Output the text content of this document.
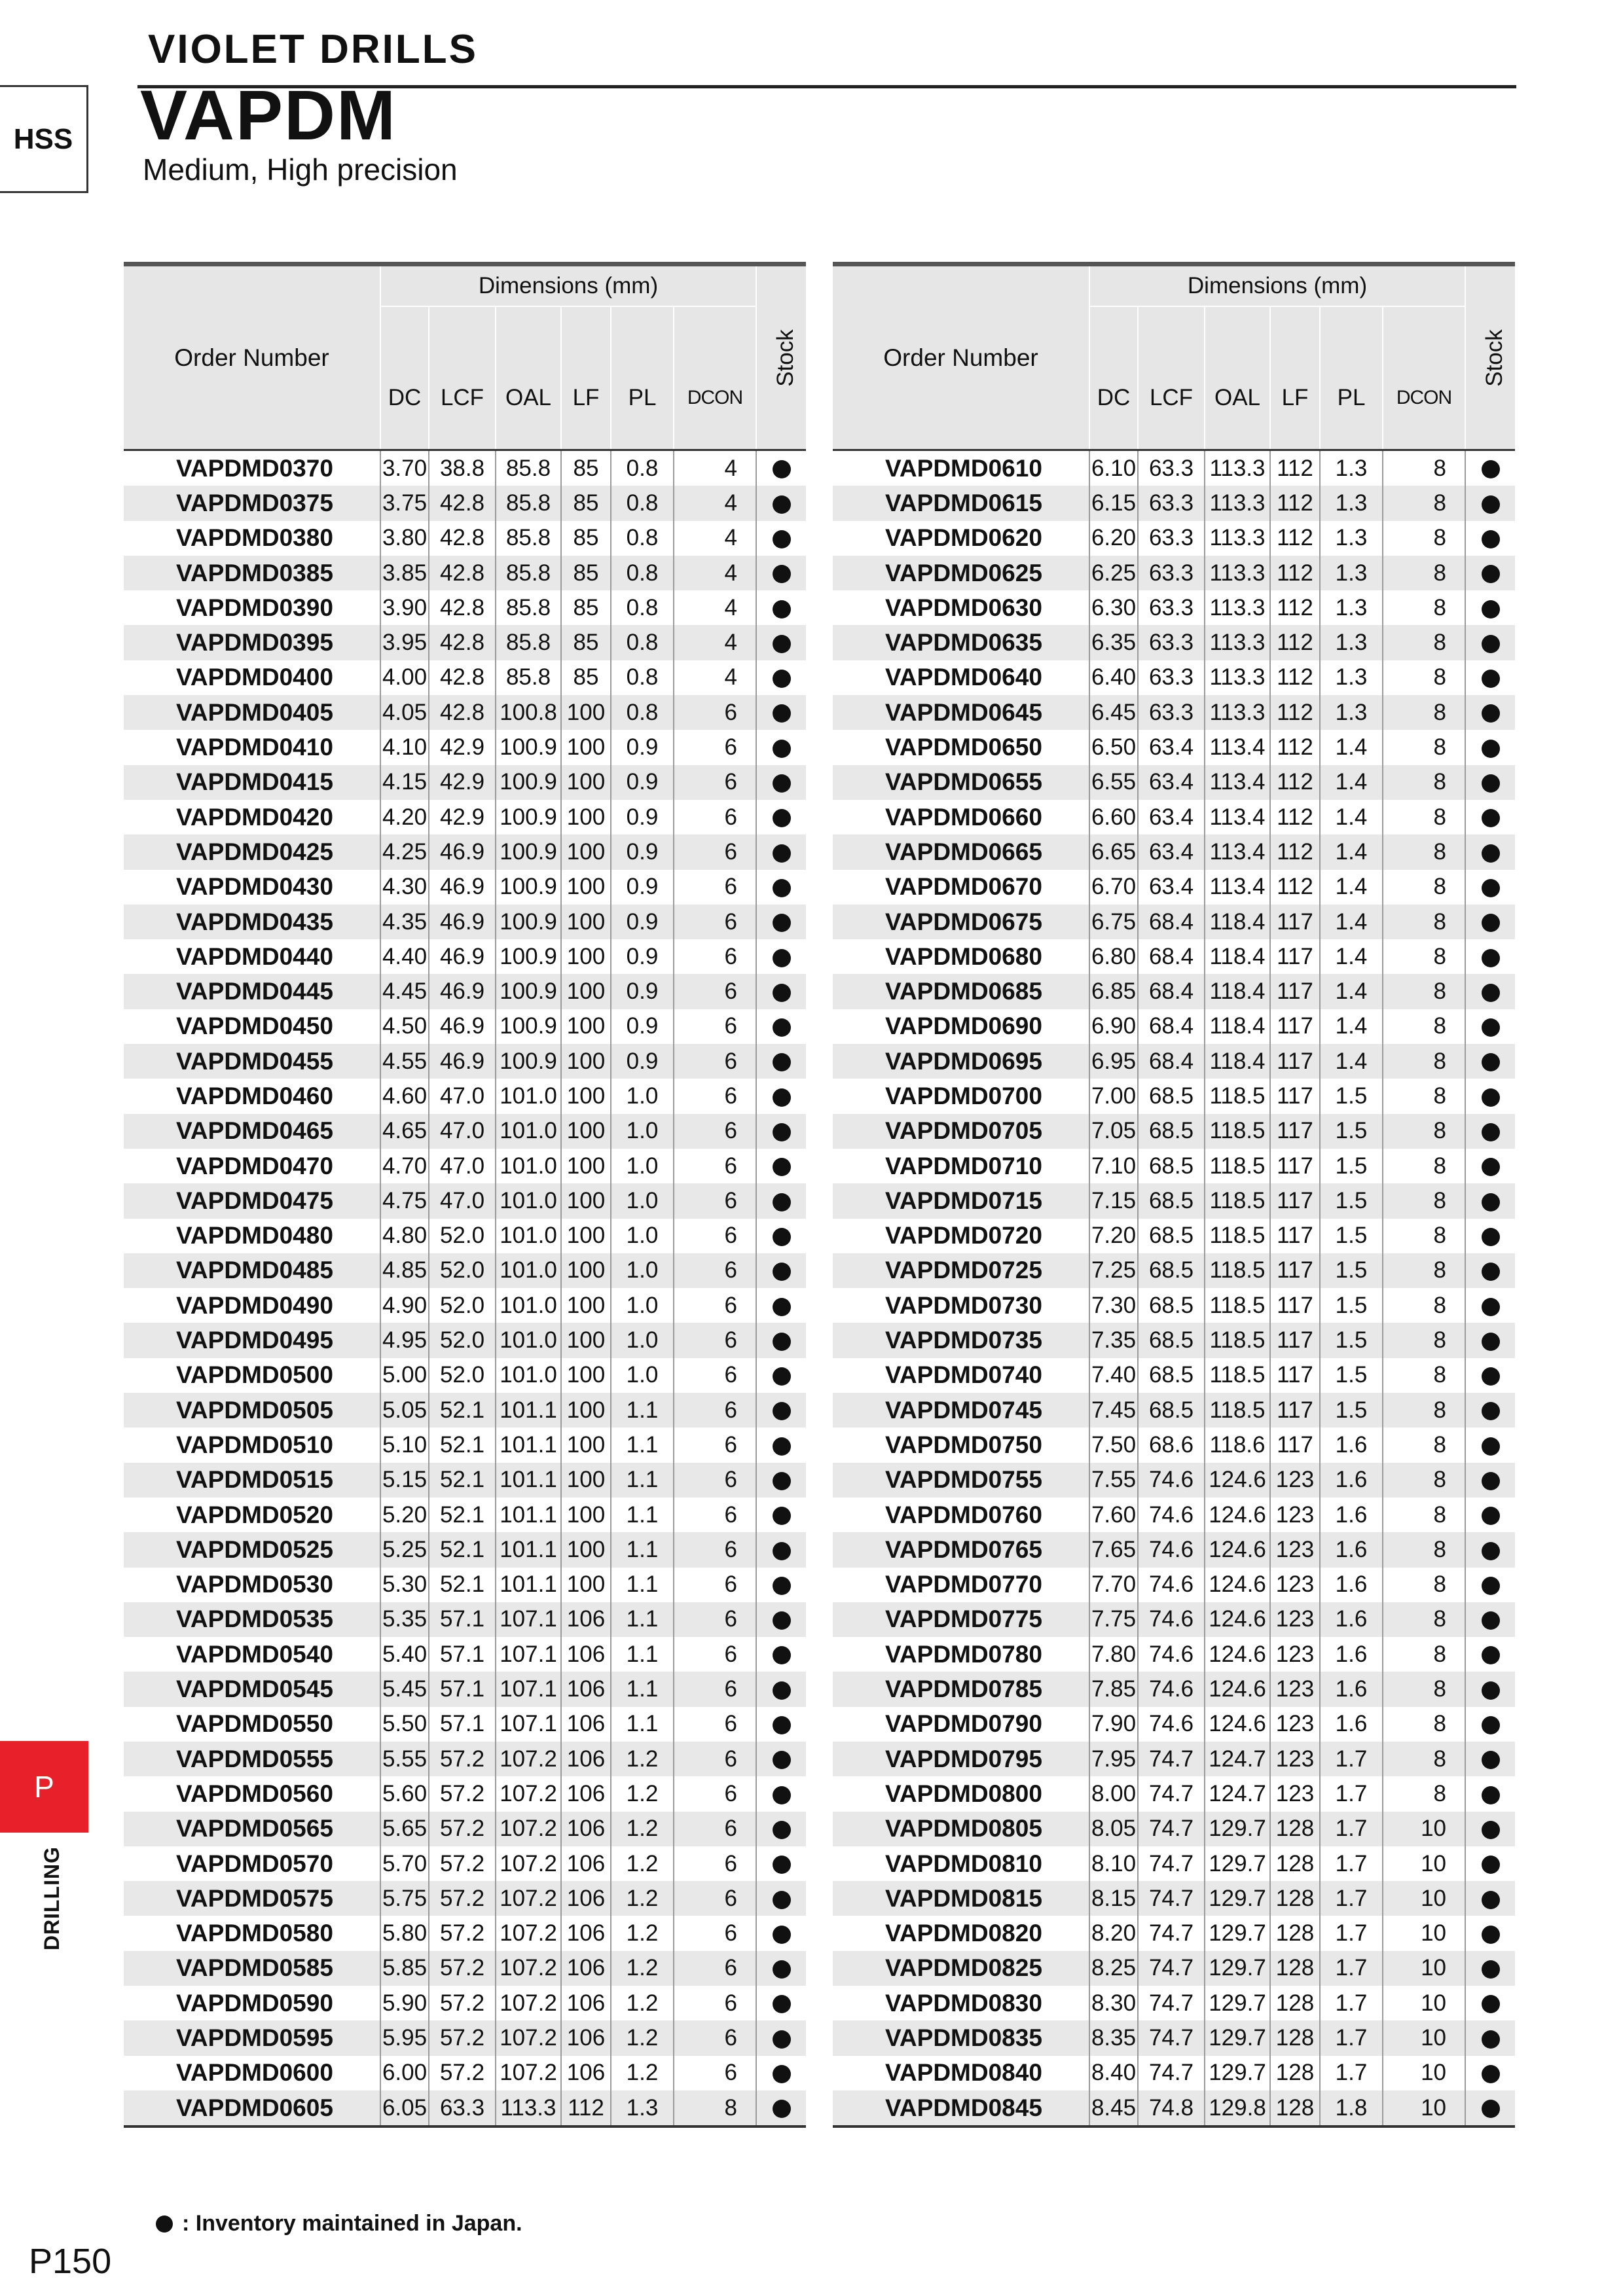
VIOLET DRILLS
HSS VAPDM
Medium, High precision
Order Number	Dimensions (mm)						Stock
	DC	LCF	OAL	LF	PL	DCON	
VAPDMD0370	3.70	38.8	85.8	85	0.8	4	
VAPDMD0375	3.75	42.8	85.8	85	0.8	4	
VAPDMD0380	3.80	42.8	85.8	85	0.8	4	
VAPDMD0385	3.85	42.8	85.8	85	0.8	4	
VAPDMD0390	3.90	42.8	85.8	85	0.8	4	
VAPDMD0395	3.95	42.8	85.8	85	0.8	4	
VAPDMD0400	4.00	42.8	85.8	85	0.8	4	
VAPDMD0405	4.05	42.8	100.8	100	0.8	6	
VAPDMD0410	4.10	42.9	100.9	100	0.9	6	
VAPDMD0415	4.15	42.9	100.9	100	0.9	6	
VAPDMD0420	4.20	42.9	100.9	100	0.9	6	
VAPDMD0425	4.25	46.9	100.9	100	0.9	6	
VAPDMD0430	4.30	46.9	100.9	100	0.9	6	
VAPDMD0435	4.35	46.9	100.9	100	0.9	6	
VAPDMD0440	4.40	46.9	100.9	100	0.9	6	
VAPDMD0445	4.45	46.9	100.9	100	0.9	6	
VAPDMD0450	4.50	46.9	100.9	100	0.9	6	
VAPDMD0455	4.55	46.9	100.9	100	0.9	6	
VAPDMD0460	4.60	47.0	101.0	100	1.0	6	
VAPDMD0465	4.65	47.0	101.0	100	1.0	6	
VAPDMD0470	4.70	47.0	101.0	100	1.0	6	
VAPDMD0475	4.75	47.0	101.0	100	1.0	6	
VAPDMD0480	4.80	52.0	101.0	100	1.0	6	
VAPDMD0485	4.85	52.0	101.0	100	1.0	6	
VAPDMD0490	4.90	52.0	101.0	100	1.0	6	
VAPDMD0495	4.95	52.0	101.0	100	1.0	6	
VAPDMD0500	5.00	52.0	101.0	100	1.0	6	
VAPDMD0505	5.05	52.1	101.1	100	1.1	6	
VAPDMD0510	5.10	52.1	101.1	100	1.1	6	
VAPDMD0515	5.15	52.1	101.1	100	1.1	6	
VAPDMD0520	5.20	52.1	101.1	100	1.1	6	
VAPDMD0525	5.25	52.1	101.1	100	1.1	6	
VAPDMD0530	5.30	52.1	101.1	100	1.1	6	
VAPDMD0535	5.35	57.1	107.1	106	1.1	6	
VAPDMD0540	5.40	57.1	107.1	106	1.1	6	
VAPDMD0545	5.45	57.1	107.1	106	1.1	6	
VAPDMD0550	5.50	57.1	107.1	106	1.1	6	
VAPDMD0555	5.55	57.2	107.2	106	1.2	6	
VAPDMD0560	5.60	57.2	107.2	106	1.2	6	
VAPDMD0565	5.65	57.2	107.2	106	1.2	6	
VAPDMD0570	5.70	57.2	107.2	106	1.2	6	
VAPDMD0575	5.75	57.2	107.2	106	1.2	6	
VAPDMD0580	5.80	57.2	107.2	106	1.2	6	
VAPDMD0585	5.85	57.2	107.2	106	1.2	6	
VAPDMD0590	5.90	57.2	107.2	106	1.2	6	
VAPDMD0595	5.95	57.2	107.2	106	1.2	6	
VAPDMD0600	6.00	57.2	107.2	106	1.2	6	
VAPDMD0605	6.05	63.3	113.3	112	1.3	8	
Order Number	Dimensions (mm)						Stock
	DC	LCF	OAL	LF	PL	DCON	
VAPDMD0610	6.10	63.3	113.3	112	1.3	8	
VAPDMD0615	6.15	63.3	113.3	112	1.3	8	
VAPDMD0620	6.20	63.3	113.3	112	1.3	8	
VAPDMD0625	6.25	63.3	113.3	112	1.3	8	
VAPDMD0630	6.30	63.3	113.3	112	1.3	8	
VAPDMD0635	6.35	63.3	113.3	112	1.3	8	
VAPDMD0640	6.40	63.3	113.3	112	1.3	8	
VAPDMD0645	6.45	63.3	113.3	112	1.3	8	
VAPDMD0650	6.50	63.4	113.4	112	1.4	8	
VAPDMD0655	6.55	63.4	113.4	112	1.4	8	
VAPDMD0660	6.60	63.4	113.4	112	1.4	8	
VAPDMD0665	6.65	63.4	113.4	112	1.4	8	
VAPDMD0670	6.70	63.4	113.4	112	1.4	8	
VAPDMD0675	6.75	68.4	118.4	117	1.4	8	
VAPDMD0680	6.80	68.4	118.4	117	1.4	8	
VAPDMD0685	6.85	68.4	118.4	117	1.4	8	
VAPDMD0690	6.90	68.4	118.4	117	1.4	8	
VAPDMD0695	6.95	68.4	118.4	117	1.4	8	
VAPDMD0700	7.00	68.5	118.5	117	1.5	8	
VAPDMD0705	7.05	68.5	118.5	117	1.5	8	
VAPDMD0710	7.10	68.5	118.5	117	1.5	8	
VAPDMD0715	7.15	68.5	118.5	117	1.5	8	
VAPDMD0720	7.20	68.5	118.5	117	1.5	8	
VAPDMD0725	7.25	68.5	118.5	117	1.5	8	
VAPDMD0730	7.30	68.5	118.5	117	1.5	8	
VAPDMD0735	7.35	68.5	118.5	117	1.5	8	
VAPDMD0740	7.40	68.5	118.5	117	1.5	8	
VAPDMD0745	7.45	68.5	118.5	117	1.5	8	
VAPDMD0750	7.50	68.6	118.6	117	1.6	8	
VAPDMD0755	7.55	74.6	124.6	123	1.6	8	
VAPDMD0760	7.60	74.6	124.6	123	1.6	8	
VAPDMD0765	7.65	74.6	124.6	123	1.6	8	
VAPDMD0770	7.70	74.6	124.6	123	1.6	8	
VAPDMD0775	7.75	74.6	124.6	123	1.6	8	
VAPDMD0780	7.80	74.6	124.6	123	1.6	8	
VAPDMD0785	7.85	74.6	124.6	123	1.6	8	
VAPDMD0790	7.90	74.6	124.6	123	1.6	8	
VAPDMD0795	7.95	74.7	124.7	123	1.7	8	
VAPDMD0800	8.00	74.7	124.7	123	1.7	8	
VAPDMD0805	8.05	74.7	129.7	128	1.7	10	
VAPDMD0810	8.10	74.7	129.7	128	1.7	10	
VAPDMD0815	8.15	74.7	129.7	128	1.7	10	
VAPDMD0820	8.20	74.7	129.7	128	1.7	10	
VAPDMD0825	8.25	74.7	129.7	128	1.7	10	
VAPDMD0830	8.30	74.7	129.7	128	1.7	10	
VAPDMD0835	8.35	74.7	129.7	128	1.7	10	
VAPDMD0840	8.40	74.7	129.7	128	1.7	10	
VAPDMD0845	8.45	74.8	129.8	128	1.8	10	
P
DRILLING
: Inventory maintained in Japan.
P150
